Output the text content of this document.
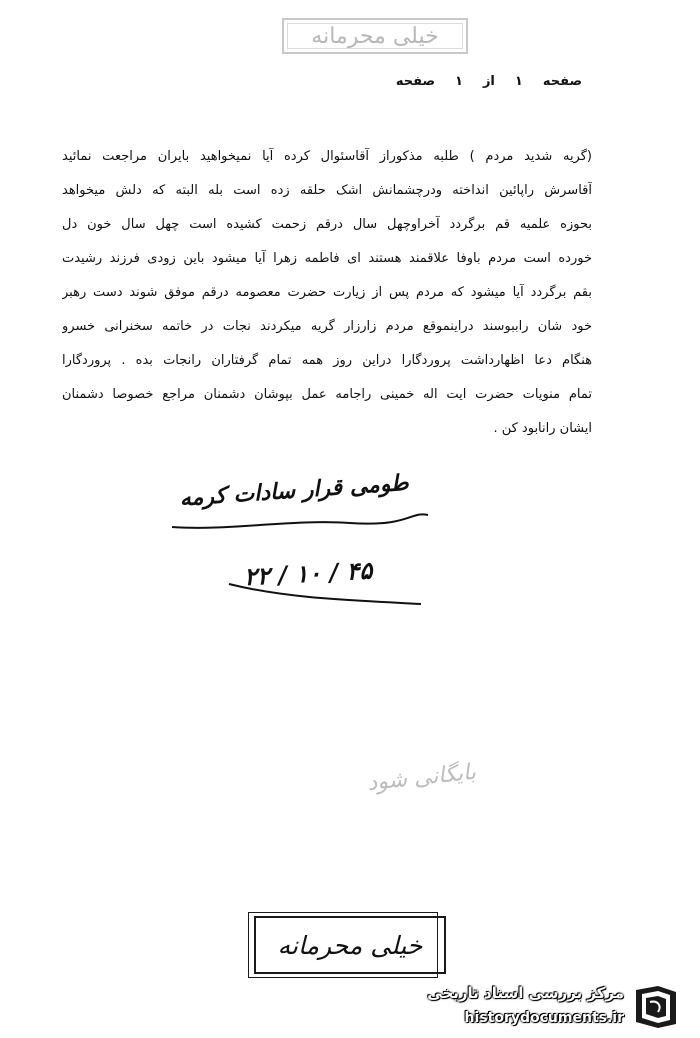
خیلی محرمانه
صفحه
۱
از
۱
صفحه
(گریه شدید مردم ) طلبه مذکوراز آقاسئوال کرده آیا نمیخواهید بایران مراجعت نمائید
آقاسرش راپائین انداخته ودرچشمانش اشک حلقه زده است بله البته که دلش میخواهد
بحوزه علمیه قم برگردد آخراوچهل سال درقم زحمت کشیده است چهل سال خون دل
خورده است مردم باوفا علاقمند هستند ای فاطمه زهرا آیا میشود باین زودی فرزند رشیدت
بقم برگردد آیا میشود که مردم پس از زیارت حضرت معصومه درقم موفق شوند دست رهبر
خود شان راببوسند دراینموقع مردم زارزار گریه میکردند نجات در خاتمه سخنرانی خسرو
هنگام دعا اظهارداشت پروردگارا دراین روز همه تمام گرفتاران رانجات بده . پروردگارا
تمام منویات حضرت ایت اله خمینی راجامه عمل بپوشان دشمنان مراجع خصوصا دشمنان
ایشان رانابود کن .
طومی قرار سادات کرمه
۲۲ / ۱۰ / ۴۵
بایگانی شود
خیلی محرمانه
مرکز بررسی اسناد تاریخی
historydocuments.ir
